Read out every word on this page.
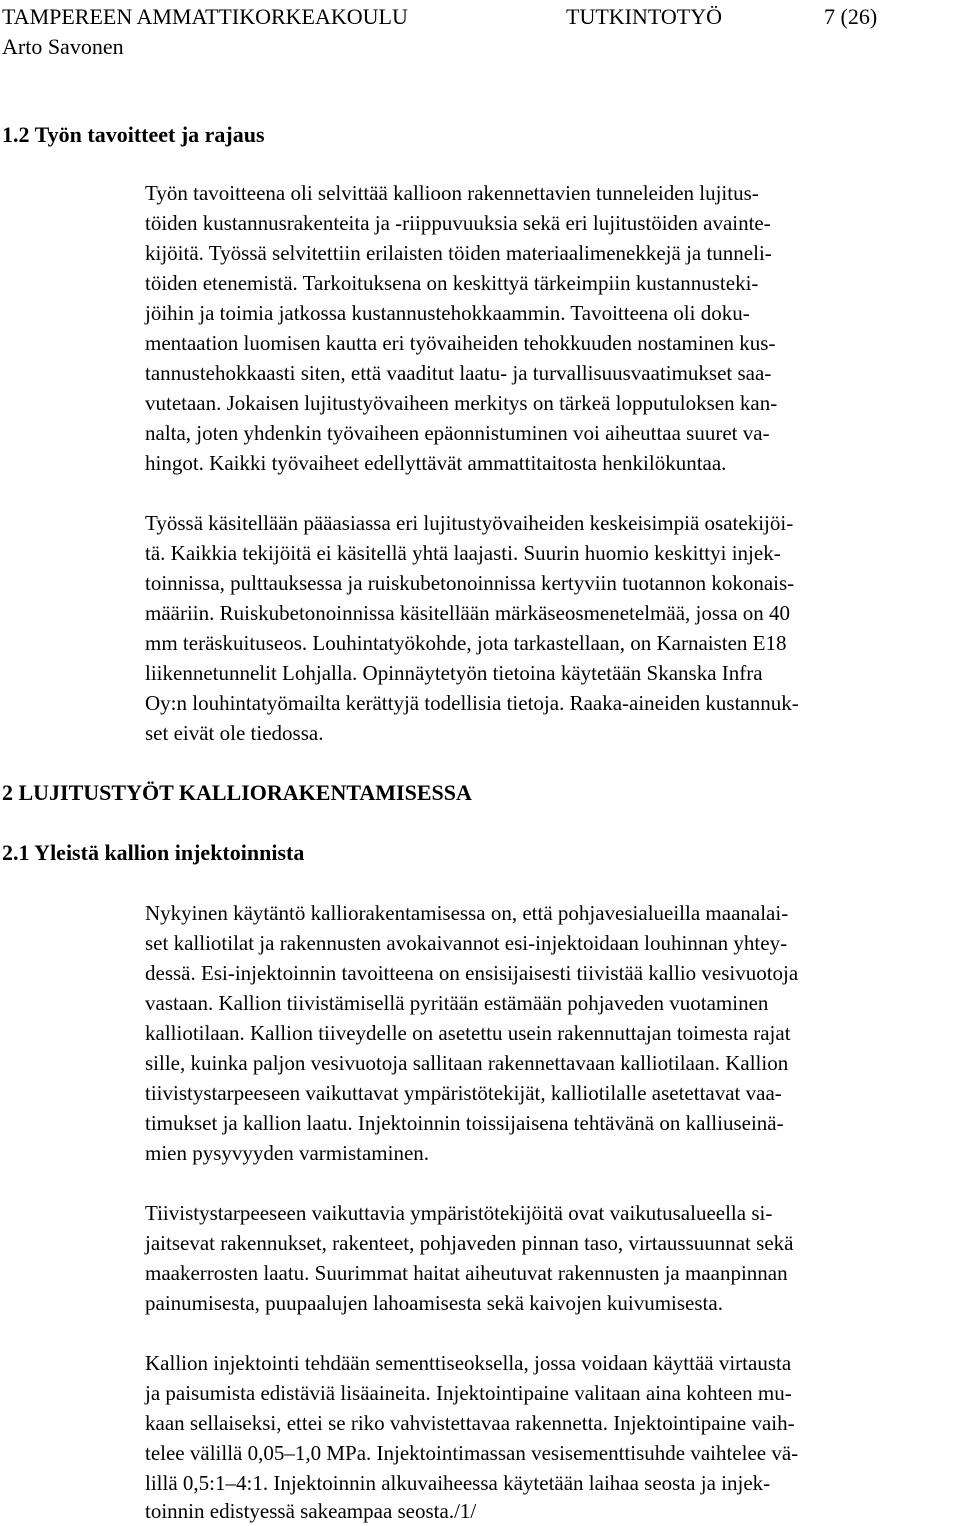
TAMPEREEN AMMATTIKORKEAKOULU	TUTKINTOTYÖ	7 (26)
Arto Savonen
1.2 Työn tavoitteet ja rajaus
Työn tavoitteena oli selvittää kallioon rakennettavien tunneleiden lujitus-
töiden kustannusrakenteita ja -riippuvuuksia sekä eri lujitustöiden avainte-
kijöitä. Työssä selvitettiin erilaisten töiden materiaalimenekkejä ja tunneli-
töiden etenemistä. Tarkoituksena on keskittyä tärkeimpiin kustannusteki-
jöihin ja toimia jatkossa kustannustehokkaammin. Tavoitteena oli doku-
mentaation luomisen kautta eri työvaiheiden tehokkuuden nostaminen kus-
tannustehokkaasti siten, että vaaditut laatu- ja turvallisuusvaatimukset saa-
vutetaan. Jokaisen lujitustyövaiheen merkitys on tärkeä lopputuloksen kan-
nalta, joten yhdenkin työvaiheen epäonnistuminen voi aiheuttaa suuret va-
hingot. Kaikki työvaiheet edellyttävät ammattitaitosta henkilökuntaa.
Työssä käsitellään pääasiassa eri lujitustyövaiheiden keskeisimpiä osatekijöi-
tä. Kaikkia tekijöitä ei käsitellä yhtä laajasti. Suurin huomio keskittyi injek-
toinnissa, pulttauksessa ja ruiskubetonoinnissa kertyviin tuotannon kokonais-
määriin. Ruiskubetonoinnissa käsitellään märkäseosmenetelmää, jossa on 40
mm teräskuituseos. Louhintatyökohde, jota tarkastellaan, on Karnaisten E18
liikennetunnelit Lohjalla. Opinnäytetyön tietoina käytetään Skanska Infra
Oy:n louhintatyömailta kerättyjä todellisia tietoja. Raaka-aineiden kustannuk-
set eivät ole tiedossa.
2 LUJITUSTYÖT KALLIORAKENTAMISESSA
2.1 Yleistä kallion injektoinnista
Nykyinen käytäntö kalliorakentamisessa on, että pohjavesialueilla maanalai-
set kalliotilat ja rakennusten avokaivannot esi-injektoidaan louhinnan yhtey-
dessä. Esi-injektoinnin tavoitteena on ensisijaisesti tiivistää kallio vesivuotoja
vastaan. Kallion tiivistämisellä pyritään estämään pohjaveden vuotaminen
kalliotilaan. Kallion tiiveydelle on asetettu usein rakennuttajan toimesta rajat
sille, kuinka paljon vesivuotoja sallitaan rakennettavaan kalliotilaan. Kallion
tiivistystarpeeseen vaikuttavat ympäristötekijät, kalliotilalle asetettavat vaa-
timukset ja kallion laatu. Injektoinnin toissijaisena tehtävänä on kalliuseinä-
mien pysyvyyden varmistaminen.
Tiivistystarpeeseen vaikuttavia ympäristötekijöitä ovat vaikutusalueella si-
jaitsevat rakennukset, rakenteet, pohjaveden pinnan taso, virtaussuunnat sekä
maakerrosten laatu. Suurimmat haitat aiheutuvat rakennusten ja maanpinnan
painumisesta, puupaalujen lahoamisesta sekä kaivojen kuivumisesta.
Kallion injektointi tehdään sementtiseoksella, jossa voidaan käyttää virtausta
ja paisumista edistäviä lisäaineita. Injektointipaine valitaan aina kohteen mu-
kaan sellaiseksi, ettei se riko vahvistettavaa rakennetta. Injektointipaine vaih-
telee välillä 0,05–1,0 MPa. Injektointimassan vesisementtisuhde vaihtelee vä-
lillä 0,5:1–4:1. Injektoinnin alkuvaiheessa käytetään laihaa seosta ja injek-
toinnin edistyessä sakeampaa seosta./1/
